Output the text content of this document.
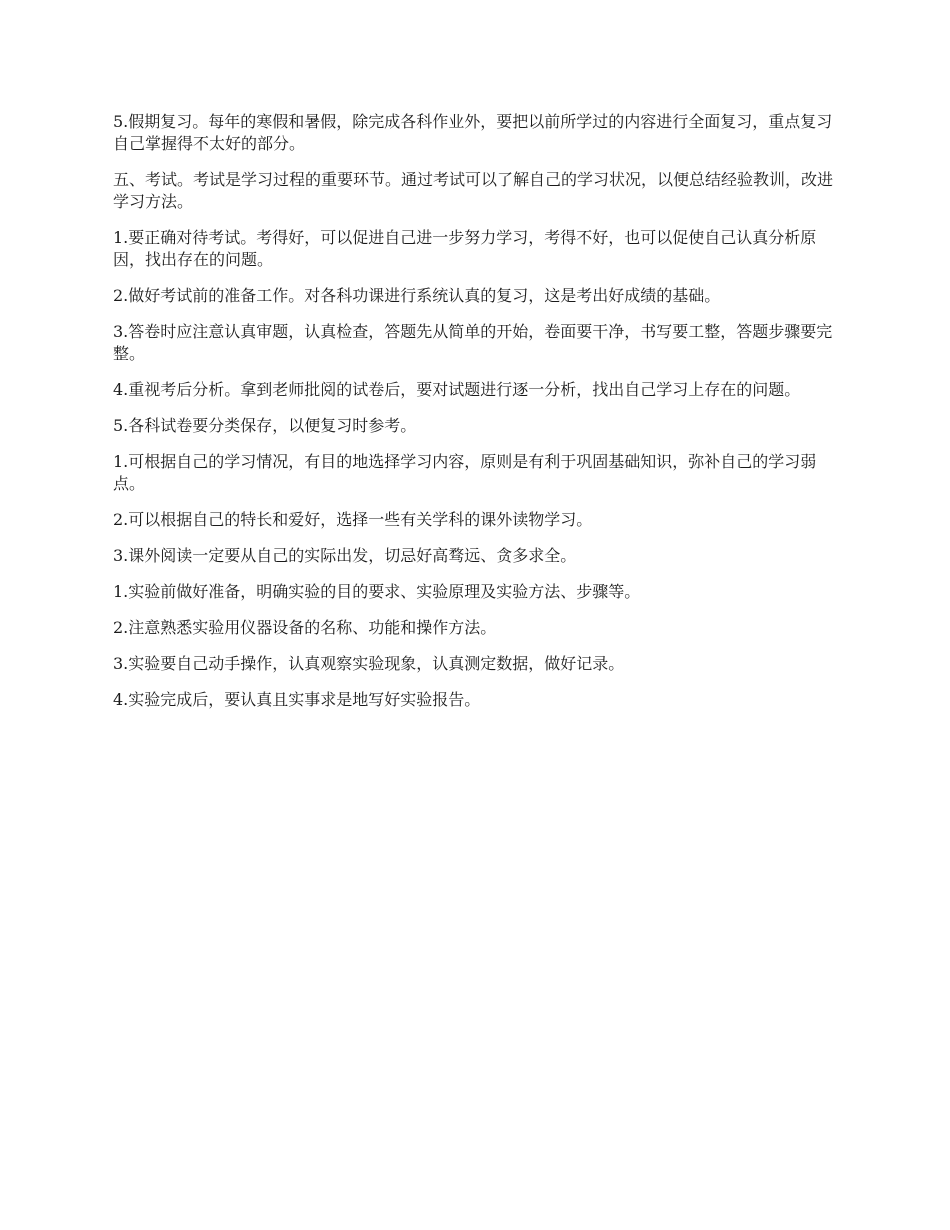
5.假期复习。每年的寒假和暑假，除完成各科作业外，要把以前所学过的内容进行全面复习，重点复习自己掌握得不太好的部分。

五、考试。考试是学习过程的重要环节。通过考试可以了解自己的学习状况，以便总结经验教训，改进学习方法。

1.要正确对待考试。考得好，可以促进自己进一步努力学习，考得不好，也可以促使自己认真分析原因，找出存在的问题。

2.做好考试前的准备工作。对各科功课进行系统认真的复习，这是考出好成绩的基础。

3.答卷时应注意认真审题，认真检查，答题先从简单的开始，卷面要干净，书写要工整，答题步骤要完整。

4.重视考后分析。拿到老师批阅的试卷后，要对试题进行逐一分析，找出自己学习上存在的问题。

5.各科试卷要分类保存，以便复习时参考。

1.可根据自己的学习情况，有目的地选择学习内容，原则是有利于巩固基础知识，弥补自己的学习弱点。

2.可以根据自己的特长和爱好，选择一些有关学科的课外读物学习。

3.课外阅读一定要从自己的实际出发，切忌好高骛远、贪多求全。

1.实验前做好准备，明确实验的目的要求、实验原理及实验方法、步骤等。

2.注意熟悉实验用仪器设备的名称、功能和操作方法。

3.实验要自己动手操作，认真观察实验现象，认真测定数据，做好记录。

4.实验完成后，要认真且实事求是地写好实验报告。
